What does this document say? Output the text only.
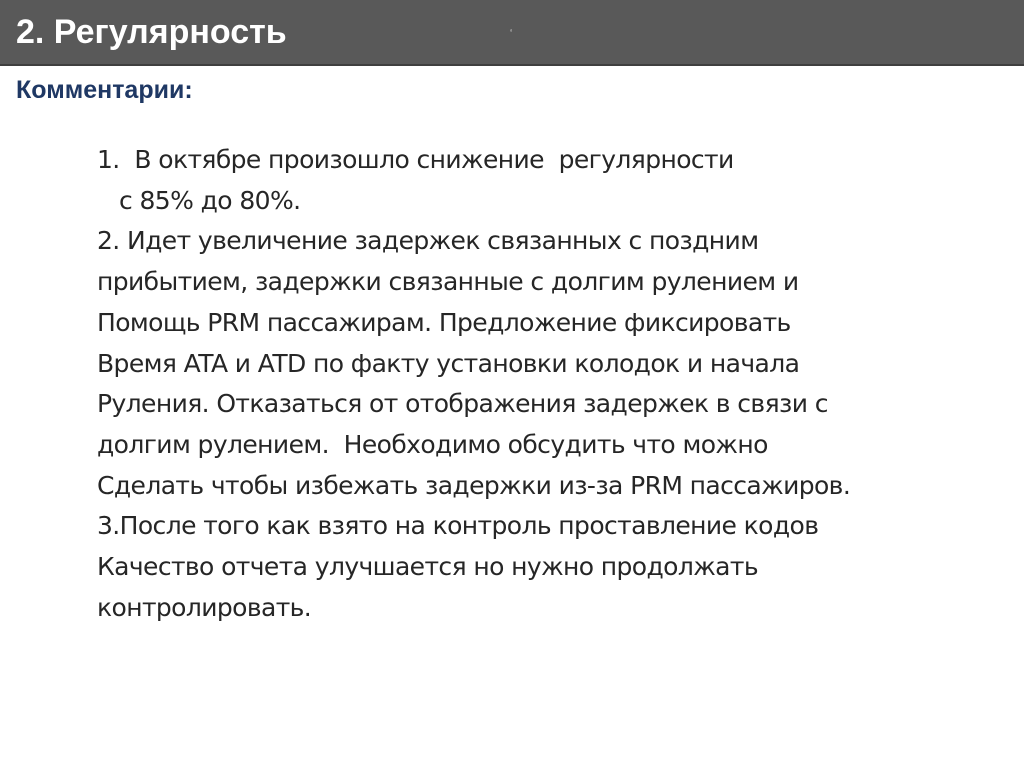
2. Регулярность	‘
Комментарии:
1.  В октябре произошло снижение  регулярности
с 85% до 80%.
2. Идет увеличение задержек связанных с поздним
прибытием, задержки связанные с долгим рулением и
Помощь PRM пассажирам. Предложение фиксировать
Время ATA и ATD по факту установки колодок и начала
Руления. Отказаться от отображения задержек в связи с
долгим рулением.  Необходимо обсудить что можно
Сделать чтобы избежать задержки из-за PRM пассажиров.
3.После того как взято на контроль проставление кодов
Качество отчета улучшается но нужно продолжать
контролировать.
